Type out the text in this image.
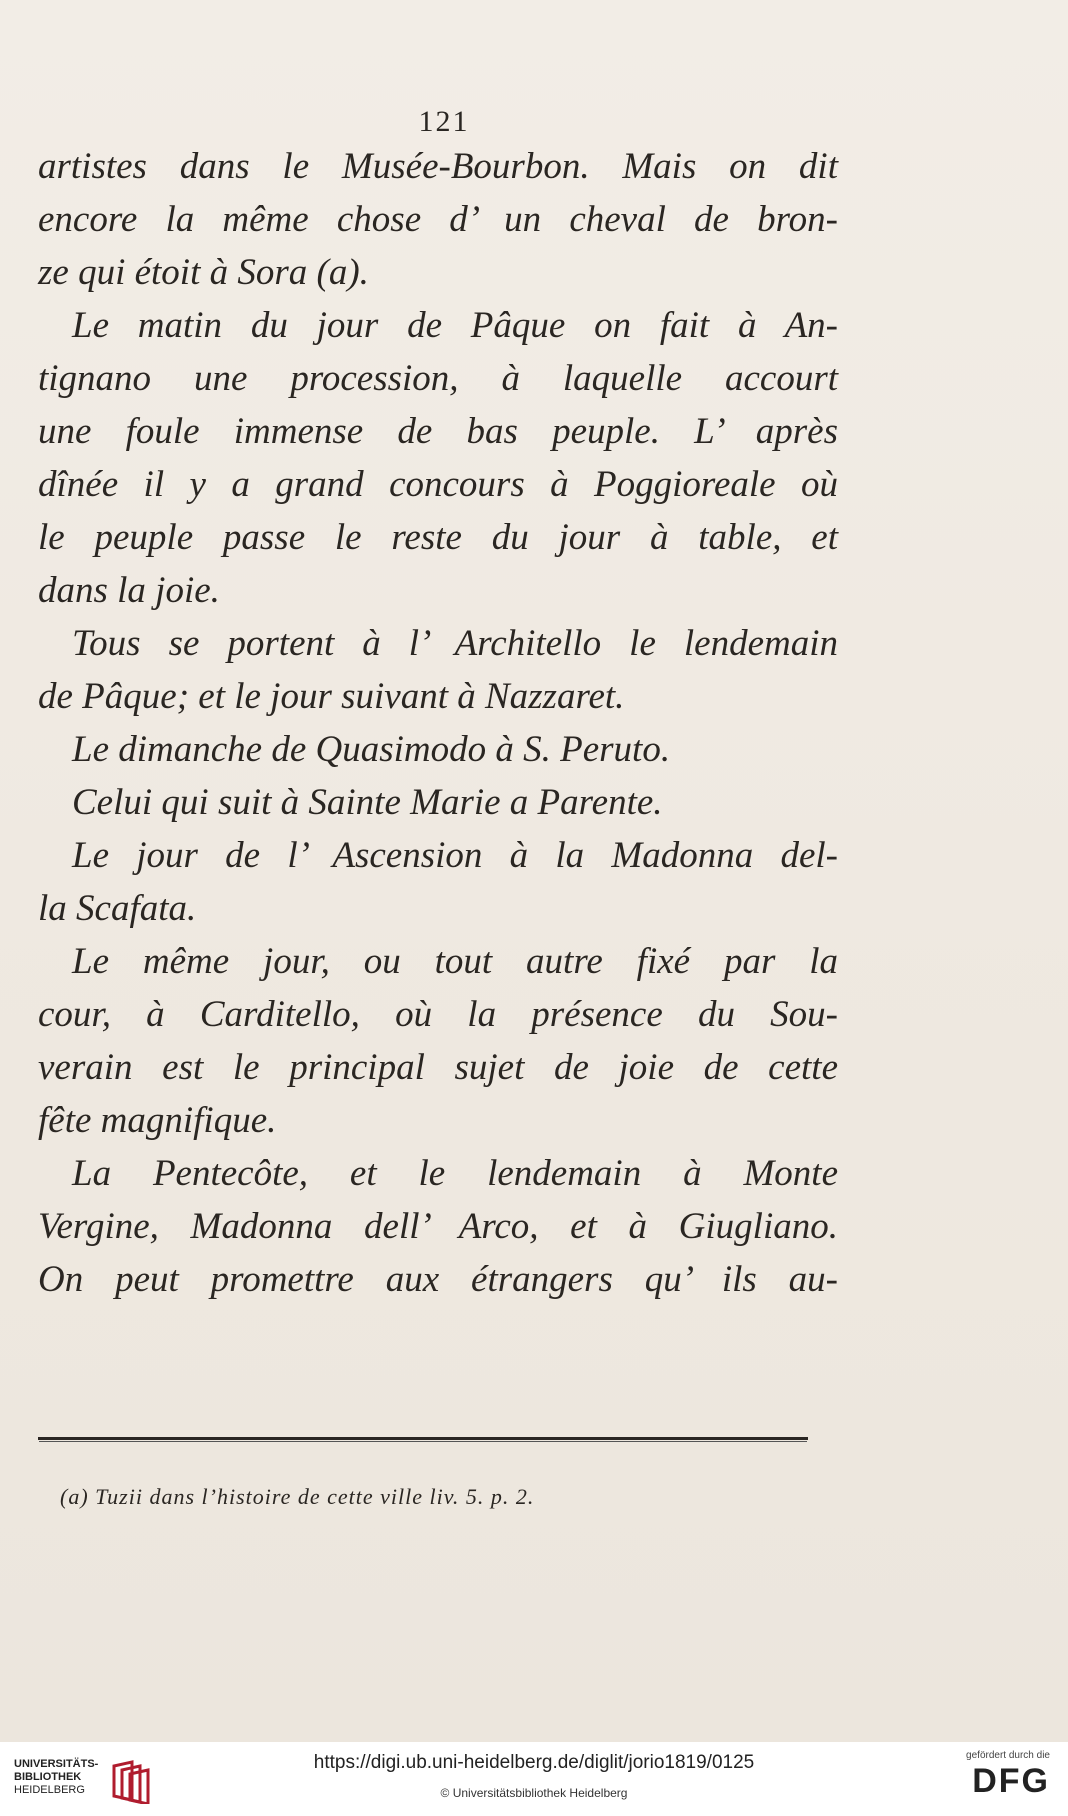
121
artistes dans le Musée-Bourbon. Mais on dit
encore la même chose d’ un cheval de bron-
ze qui étoit à Sora (a).
Le matin du jour de Pâque on fait à An-
tignano une procession, à laquelle accourt
une foule immense de bas peuple. L’ après
dînée il y a grand concours à Poggioreale où
le peuple passe le reste du jour à table, et
dans la joie.
Tous se portent à l’ Architello le lendemain
de Pâque; et le jour suivant à Nazzaret.
Le dimanche de Quasimodo à S. Peruto.
Celui qui suit à Sainte Marie a Parente.
Le jour de l’ Ascension à la Madonna del-
la Scafata.
Le même jour, ou tout autre fixé par la
cour, à Carditello, où la présence du Sou-
verain est le principal sujet de joie de cette
fête magnifique.
La Pentecôte, et le lendemain à Monte
Vergine, Madonna dell’ Arco, et à Giugliano.
On peut promettre aux étrangers qu’ ils au-
(a) Tuzii dans l’histoire de cette ville liv. 5. p. 2.
UNIVERSITÄTS-
BIBLIOTHEK
HEIDELBERG
https://digi.ub.uni-heidelberg.de/diglit/jorio1819/0125
© Universitätsbibliothek Heidelberg
gefördert durch die
DFG
